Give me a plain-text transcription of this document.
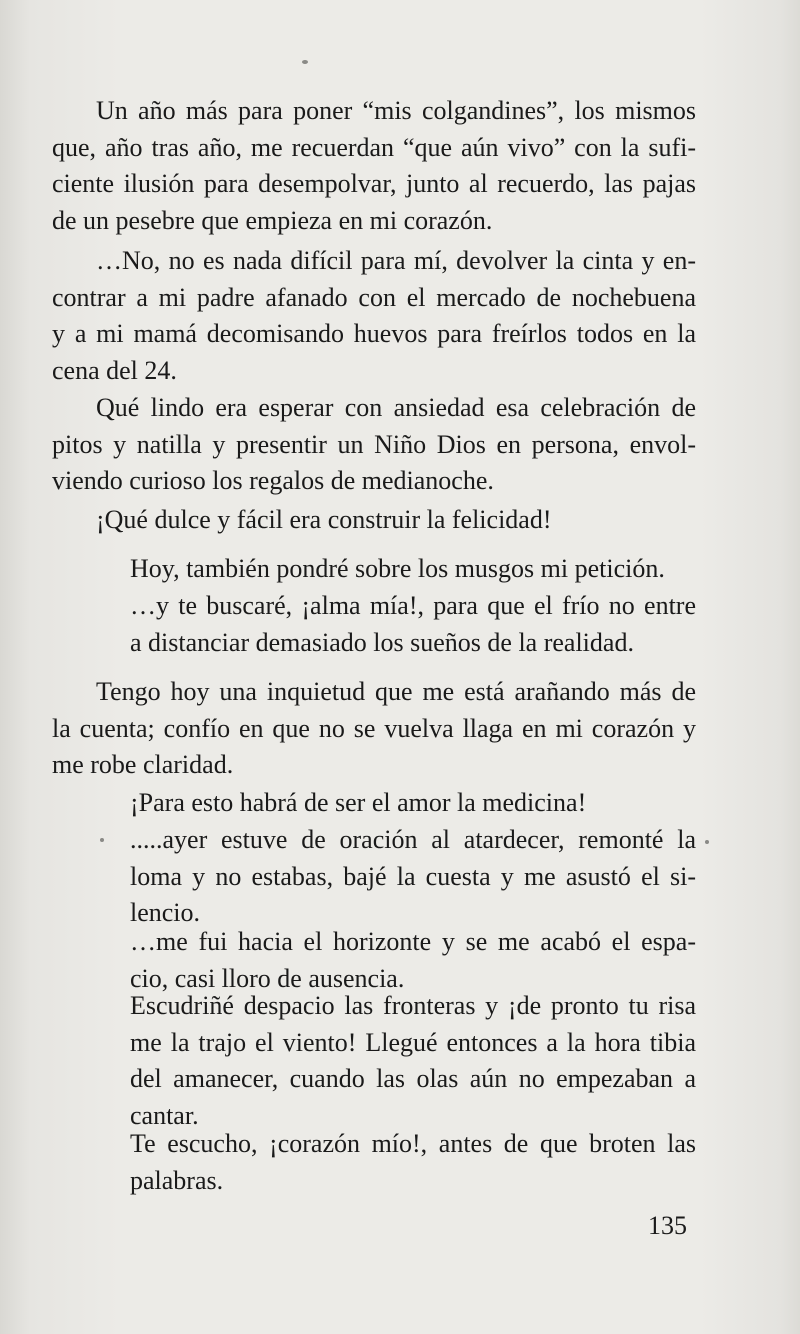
Un año más para poner “mis colgandines”, los mismos
que, año tras año, me recuerdan “que aún vivo” con la sufi-
ciente ilusión para desempolvar, junto al recuerdo, las pajas
de un pesebre que empieza en mi corazón.
…No, no es nada difícil para mí, devolver la cinta y en-
contrar a mi padre afanado con el mercado de nochebuena
y a mi mamá decomisando huevos para freírlos todos en la
cena del 24.
Qué lindo era esperar con ansiedad esa celebración de
pitos y natilla y presentir un Niño Dios en persona, envol-
viendo curioso los regalos de medianoche.
¡Qué dulce y fácil era construir la felicidad!
Hoy, también pondré sobre los musgos mi petición.
…y te buscaré, ¡alma mía!, para que el frío no entre
a distanciar demasiado los sueños de la realidad.
Tengo hoy una inquietud que me está arañando más de
la cuenta; confío en que no se vuelva llaga en mi corazón y
me robe claridad.
¡Para esto habrá de ser el amor la medicina!
.....ayer estuve de oración al atardecer, remonté la
loma y no estabas, bajé la cuesta y me asustó el si-
lencio.
…me fui hacia el horizonte y se me acabó el espa-
cio, casi lloro de ausencia.
Escudriñé despacio las fronteras y ¡de pronto tu risa
me la trajo el viento! Llegué entonces a la hora tibia
del amanecer, cuando las olas aún no empezaban a
cantar.
Te escucho, ¡corazón mío!, antes de que broten las
palabras.
135
